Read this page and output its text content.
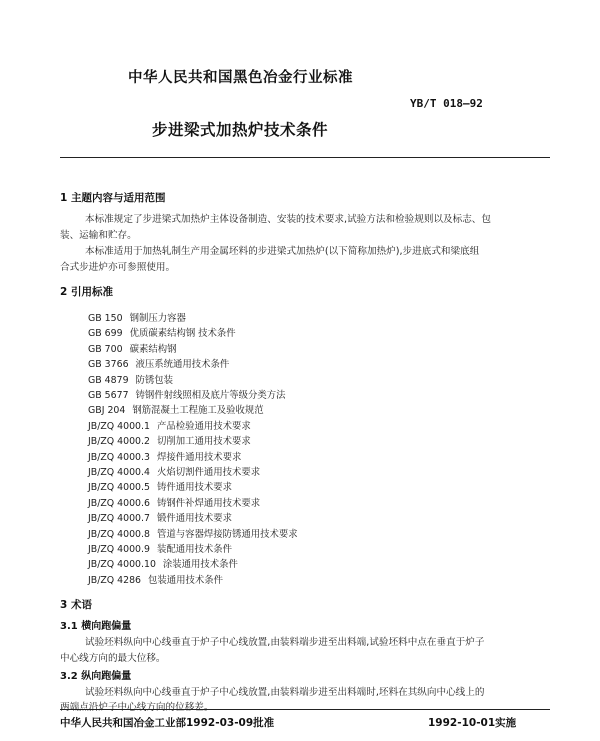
中华人民共和国黑色冶金行业标准
YB/T 018—92
步进梁式加热炉技术条件
1 主题内容与适用范围
本标准规定了步进梁式加热炉主体设备制造、安装的技术要求,试验方法和检验规则以及标志、包
装、运输和贮存。
本标准适用于加热轧制生产用金属坯料的步进梁式加热炉(以下简称加热炉),步进底式和梁底组
合式步进炉亦可参照使用。
2 引用标准
GB 150 钢制压力容器
GB 699 优质碳素结构钢 技术条件
GB 700 碳素结构钢
GB 3766 液压系统通用技术条件
GB 4879 防锈包装
GB 5677 铸钢件射线照相及底片等级分类方法
GBJ 204 钢筋混凝土工程施工及验收规范
JB/ZQ 4000.1 产品检验通用技术要求
JB/ZQ 4000.2 切削加工通用技术要求
JB/ZQ 4000.3 焊接件通用技术要求
JB/ZQ 4000.4 火焰切割件通用技术要求
JB/ZQ 4000.5 铸件通用技术要求
JB/ZQ 4000.6 铸钢件补焊通用技术要求
JB/ZQ 4000.7 锻件通用技术要求
JB/ZQ 4000.8 管道与容器焊接防锈通用技术要求
JB/ZQ 4000.9 装配通用技术条件
JB/ZQ 4000.10 涂装通用技术条件
JB/ZQ 4286 包装通用技术条件
3 术语
3.1 横向跑偏量
试验坯料纵向中心线垂直于炉子中心线放置,由装料端步进至出料端,试验坯料中点在垂直于炉子
中心线方向的最大位移。
3.2 纵向跑偏量
试验坯料纵向中心线垂直于炉子中心线放置,由装料端步进至出料端时,坯料在其纵向中心线上的
两端点沿炉子中心线方向的位移差。
中华人民共和国冶金工业部1992-03-09批准	1992-10-01实施
